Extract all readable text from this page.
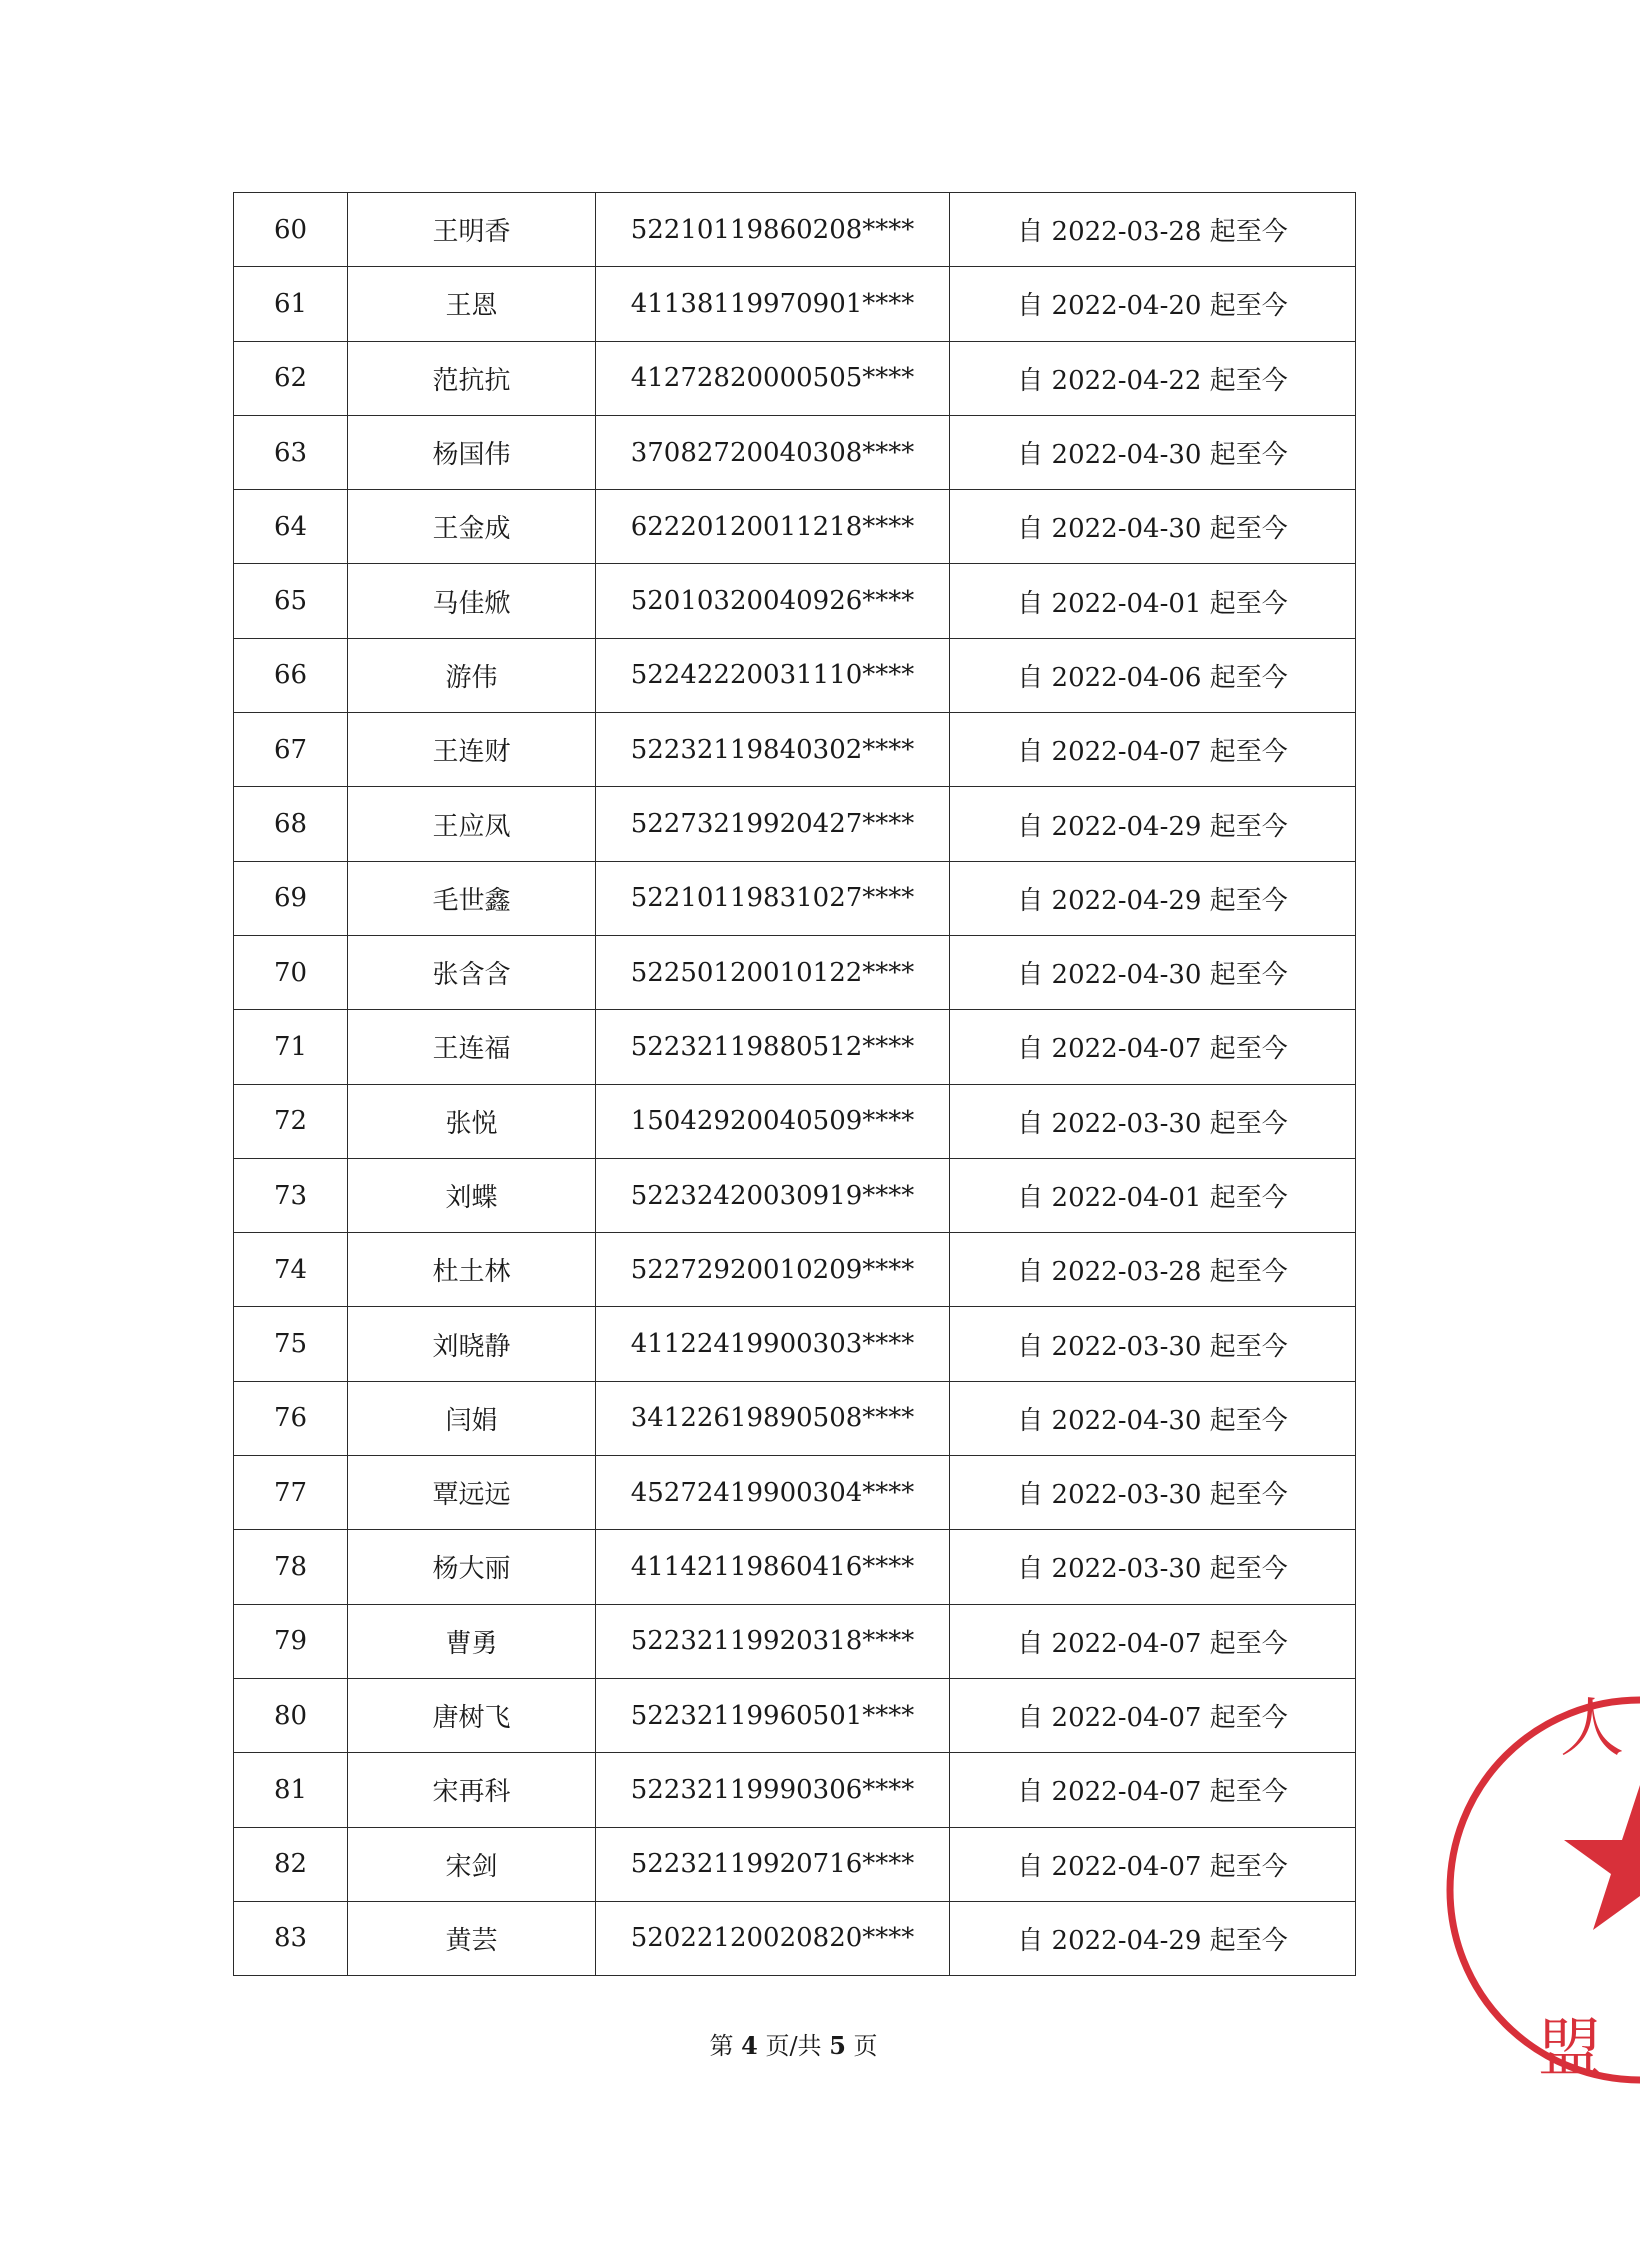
60	王明香	52210119860208****	自 2022-03-28 起至今
61	王恩	41138119970901****	自 2022-04-20 起至今
62	范抗抗	41272820000505****	自 2022-04-22 起至今
63	杨国伟	37082720040308****	自 2022-04-30 起至今
64	王金成	62220120011218****	自 2022-04-30 起至今
65	马佳焮	52010320040926****	自 2022-04-01 起至今
66	游伟	52242220031110****	自 2022-04-06 起至今
67	王连财	52232119840302****	自 2022-04-07 起至今
68	王应凤	52273219920427****	自 2022-04-29 起至今
69	毛世鑫	52210119831027****	自 2022-04-29 起至今
70	张含含	52250120010122****	自 2022-04-30 起至今
71	王连福	52232119880512****	自 2022-04-07 起至今
72	张悦	15042920040509****	自 2022-03-30 起至今
73	刘蝶	52232420030919****	自 2022-04-01 起至今
74	杜土林	52272920010209****	自 2022-03-28 起至今
75	刘晓静	41122419900303****	自 2022-03-30 起至今
76	闫娟	34122619890508****	自 2022-04-30 起至今
77	覃远远	45272419900304****	自 2022-03-30 起至今
78	杨大丽	41142119860416****	自 2022-03-30 起至今
79	曹勇	52232119920318****	自 2022-04-07 起至今
80	唐树飞	52232119960501****	自 2022-04-07 起至今
81	宋再科	52232119990306****	自 2022-04-07 起至今
82	宋剑	52232119920716****	自 2022-04-07 起至今
83	黄芸	52022120020820****	自 2022-04-29 起至今
第 4 页/共 5 页
人
盟
